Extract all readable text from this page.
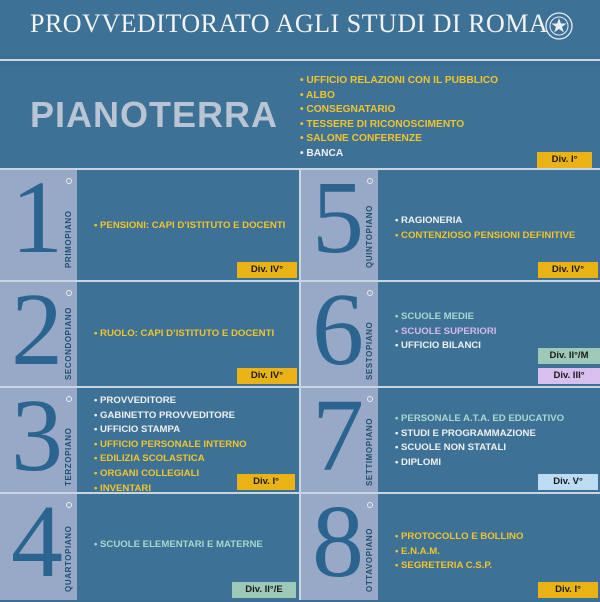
PROVVEDITORATO AGLI STUDI DI ROMA
PIANOTERRA
• UFFICIO RELAZIONI CON IL PUBBLICO
• ALBO
• CONSEGNATARIO
• TESSERE DI RICONOSCIMENTO
• SALONE CONFERENZE
• BANCA
Div. I°
1 PRIMOPIANO • PENSIONI: CAPI D’ISTITUTO E DOCENTI
Div. IV° 5 QUINTOPIANO • RAGIONERIA
• CONTENZIOSO PENSIONI DEFINITIVE
Div. IV°
2 SECONDOPIANO • RUOLO: CAPI D’ISTITUTO E DOCENTI
Div. IV° 6 SESTOPIANO
• SCUOLE MEDIE
• SCUOLE SUPERIORI
• UFFICIO BILANCI
Div. II°/M
Div. III°
3 TERZOPIANO
• PROVVEDITORE
• GABINETTO PROVVEDITORE
• UFFICIO STAMPA
• UFFICIO PERSONALE INTERNO
• EDILIZIA SCOLASTICA
• ORGANI COLLEGIALI
• INVENTARI
Div. I° 7 SETTIMOPIANO • PERSONALE A.T.A. ED EDUCATIVO
• STUDI E PROGRAMMAZIONE
• SCUOLE NON STATALI
• DIPLOMI
Div. V°
4 QUARTOPIANO • SCUOLE ELEMENTARI E MATERNE
Div. II°/E 8 OTTAVOPIANO • PROTOCOLLO E BOLLINO
• E.N.A.M.
• SEGRETERIA C.S.P.
Div. I°
